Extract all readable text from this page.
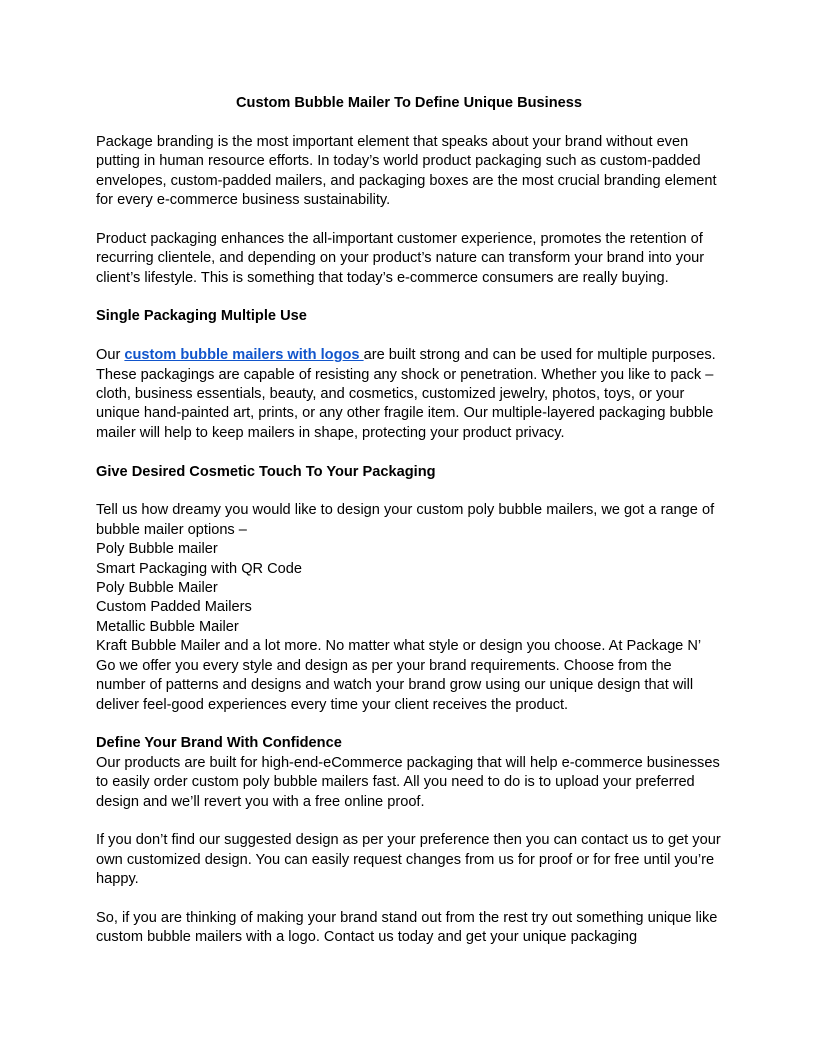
Custom Bubble Mailer To Define Unique Business

Package branding is the most important element that speaks about your brand without even putting in human resource efforts. In today’s world product packaging such as custom-padded envelopes, custom-padded mailers, and packaging boxes are the most crucial branding element for every e-commerce business sustainability.

Product packaging enhances the all-important customer experience, promotes the retention of recurring clientele, and depending on your product’s nature can transform your brand into your client’s lifestyle. This is something that today’s e-commerce consumers are really buying.

Single Packaging Multiple Use

Our custom bubble mailers with logos are built strong and can be used for multiple purposes. These packagings are capable of resisting any shock or penetration. Whether you like to pack – cloth, business essentials, beauty, and cosmetics, customized jewelry, photos, toys, or your unique hand-painted art, prints, or any other fragile item. Our multiple-layered packaging bubble mailer will help to keep mailers in shape, protecting your product privacy.

Give Desired Cosmetic Touch To Your Packaging

Tell us how dreamy you would like to design your custom poly bubble mailers, we got a range of bubble mailer options –

Poly Bubble mailer
Smart Packaging with QR Code
Poly Bubble Mailer
Custom Padded Mailers
Metallic Bubble Mailer

Kraft Bubble Mailer and a lot more. No matter what style or design you choose. At Package N’ Go we offer you every style and design as per your brand requirements. Choose from the number of patterns and designs and watch your brand grow using our unique design that will deliver feel-good experiences every time your client receives the product.

Define Your Brand With Confidence

Our products are built for high-end-eCommerce packaging that will help e-commerce businesses to easily order custom poly bubble mailers fast. All you need to do is to upload your preferred design and we’ll revert you with a free online proof.

If you don’t find our suggested design as per your preference then you can contact us to get your own customized design. You can easily request changes from us for proof or for free until you’re happy.

So, if you are thinking of making your brand stand out from the rest try out something unique like custom bubble mailers with a logo. Contact us today and get your unique packaging
